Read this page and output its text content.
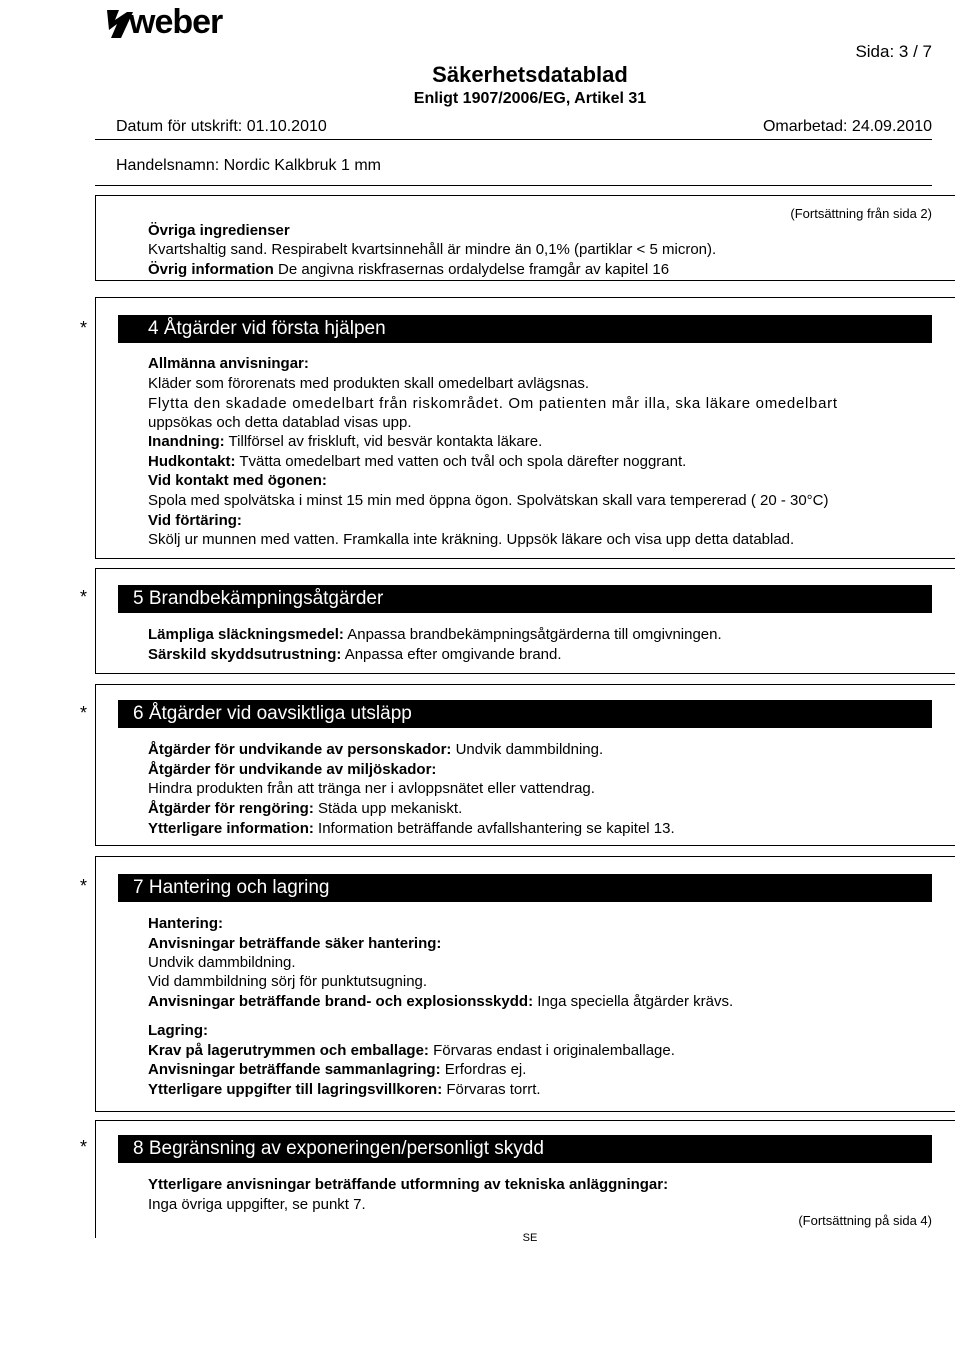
weber
Sida: 3 / 7
Säkerhetsdatablad
Enligt 1907/2006/EG, Artikel 31
Datum för utskrift: 01.10.2010	Omarbetad: 24.09.2010
Handelsnamn: Nordic Kalkbruk 1 mm
(Fortsättning från sida 2)
Övriga ingredienser
Kvartshaltig sand. Respirabelt kvartsinnehåll är mindre än 0,1% (partiklar < 5 micron).
Övrig information De angivna riskfrasernas ordalydelse framgår av kapitel 16
*	4 Åtgärder vid första hjälpen
Allmänna anvisningar:
Kläder som förorenats med produkten skall omedelbart avlägsnas.
Flytta den skadade omedelbart från riskområdet. Om patienten mår illa, ska läkare omedelbart
uppsökas och detta datablad visas upp.
Inandning: Tillförsel av friskluft, vid besvär kontakta läkare.
Hudkontakt: Tvätta omedelbart med vatten och tvål och spola därefter noggrant.
Vid kontakt med ögonen:
Spola med spolvätska i minst 15 min med öppna ögon. Spolvätskan skall vara tempererad ( 20 - 30°C)
Vid förtäring:
Skölj ur munnen med vatten. Framkalla inte kräkning. Uppsök läkare och visa upp detta datablad.
*	5 Brandbekämpningsåtgärder
Lämpliga släckningsmedel: Anpassa brandbekämpningsåtgärderna till omgivningen.
Särskild skyddsutrustning: Anpassa efter omgivande brand.
*	6 Åtgärder vid oavsiktliga utsläpp
Åtgärder för undvikande av personskador: Undvik dammbildning.
Åtgärder för undvikande av miljöskador:
Hindra produkten från att tränga ner i avloppsnätet eller vattendrag.
Åtgärder för rengöring: Städa upp mekaniskt.
Ytterligare information: Information beträffande avfallshantering se kapitel 13.
*	7 Hantering och lagring
Hantering:
Anvisningar beträffande säker hantering:
Undvik dammbildning.
Vid dammbildning sörj för punktutsugning.
Anvisningar beträffande brand- och explosionsskydd: Inga speciella åtgärder krävs.
Lagring:
Krav på lagerutrymmen och emballage: Förvaras endast i originalemballage.
Anvisningar beträffande sammanlagring: Erfordras ej.
Ytterligare uppgifter till lagringsvillkoren: Förvaras torrt.
*	8 Begränsning av exponeringen/personligt skydd
Ytterligare anvisningar beträffande utformning av tekniska anläggningar:
Inga övriga uppgifter, se punkt 7.
(Fortsättning på sida 4)
SE
